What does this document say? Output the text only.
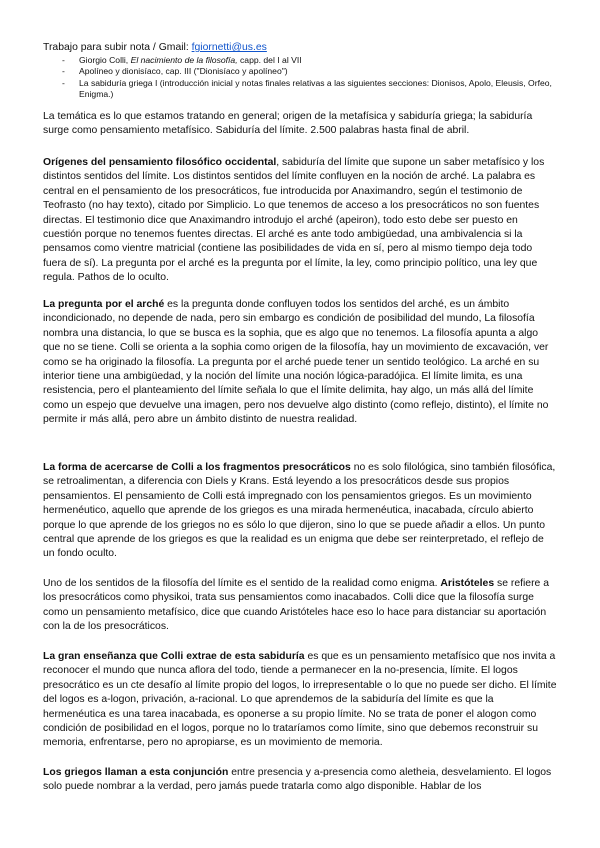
Trabajo para subir nota / Gmail: fgiornetti@us.es
- Giorgio Colli, El nacimiento de la filosofía, capp. del I al VII
- Apolíneo y dionisíaco, cap. III ("Dionisíaco y apolíneo")
- La sabiduría griega I (introducción inicial y notas finales relativas a las siguientes secciones: Dionisos, Apolo, Eleusis, Orfeo, Enigma.)

La temática es lo que estamos tratando en general; origen de la metafísica y sabiduría griega; la sabiduría surge como pensamiento metafísico. Sabiduría del límite. 2.500 palabras hasta final de abril.

Orígenes del pensamiento filosófico occidental, sabiduría del límite que supone un saber metafísico y los distintos sentidos del límite. Los distintos sentidos del límite confluyen en la noción de arché. La palabra es central en el pensamiento de los presocráticos, fue introducida por Anaximandro, según el testimonio de Teofrasto (no hay texto), citado por Simplicio. Lo que tenemos de acceso a los presocráticos no son fuentes directas. El testimonio dice que Anaximandro introdujo el arché (apeiron), todo esto debe ser puesto en cuestión porque no tenemos fuentes directas. El arché es ante todo ambigüedad, una ambivalencia si la pensamos como vientre matricial (contiene las posibilidades de vida en sí, pero al mismo tiempo deja todo fuera de sí). La pregunta por el arché es la pregunta por el límite, la ley, como principio político, una ley que regula. Pathos de lo oculto.

La pregunta por el arché es la pregunta donde confluyen todos los sentidos del arché, es un ámbito incondicionado, no depende de nada, pero sin embargo es condición de posibilidad del mundo, La filosofía nombra una distancia, lo que se busca es la sophia, que es algo que no tenemos. La filosofía apunta a algo que no se tiene. Colli se orienta a la sophia como origen de la filosofía, hay un movimiento de excavación, ver como se ha originado la filosofía. La pregunta por el arché puede tener un sentido teológico. La arché en su interior tiene una ambigüedad, y la noción del límite una noción lógica-paradójica. El límite limita, es una resistencia, pero el planteamiento del límite señala lo que el límite delimita, hay algo, un más allá del límite como un espejo que devuelve una imagen, pero nos devuelve algo distinto (como reflejo, distinto), el límite no permite ir más allá, pero abre un ámbito distinto de nuestra realidad.

La forma de acercarse de Colli a los fragmentos presocráticos no es solo filológica, sino también filosófica, se retroalimentan, a diferencia con Diels y Krans. Está leyendo a los presocráticos desde sus propios pensamientos. El pensamiento de Colli está impregnado con los pensamientos griegos. Es un movimiento hermenéutico, aquello que aprende de los griegos es una mirada hermenéutica, inacabada, círculo abierto porque lo que aprende de los griegos no es sólo lo que dijeron, sino lo que se puede añadir a ellos. Un punto central que aprende de los griegos es que la realidad es un enigma que debe ser reinterpretado, el reflejo de un fondo oculto.

Uno de los sentidos de la filosofía del límite es el sentido de la realidad como enigma. Aristóteles se refiere a los presocráticos como physikoi, trata sus pensamientos como inacabados. Colli dice que la filosofía surge como un pensamiento metafísico, dice que cuando Aristóteles hace eso lo hace para distanciar su aportación con la de los presocráticos.

La gran enseñanza que Colli extrae de esta sabiduría es que es un pensamiento metafísico que nos invita a reconocer el mundo que nunca aflora del todo, tiende a permanecer en la no-presencia, límite. El logos presocrático es un cte desafío al límite propio del logos, lo irrepresentable o lo que no puede ser dicho. El límite del logos es a-logon, privación, a-racional. Lo que aprendemos de la sabiduría del límite es que la hermenéutica es una tarea inacabada, es oponerse a su propio límite. No se trata de poner el alogon como condición de posibilidad en el logos, porque no lo trataríamos como límite, sino que debemos reconstruir su memoria, enfrentarse, pero no apropiarse, es un movimiento de memoria.

Los griegos llaman a esta conjunción entre presencia y a-presencia como aletheia, desvelamiento. El logos solo puede nombrar a la verdad, pero jamás puede tratarla como algo disponible. Hablar de los
